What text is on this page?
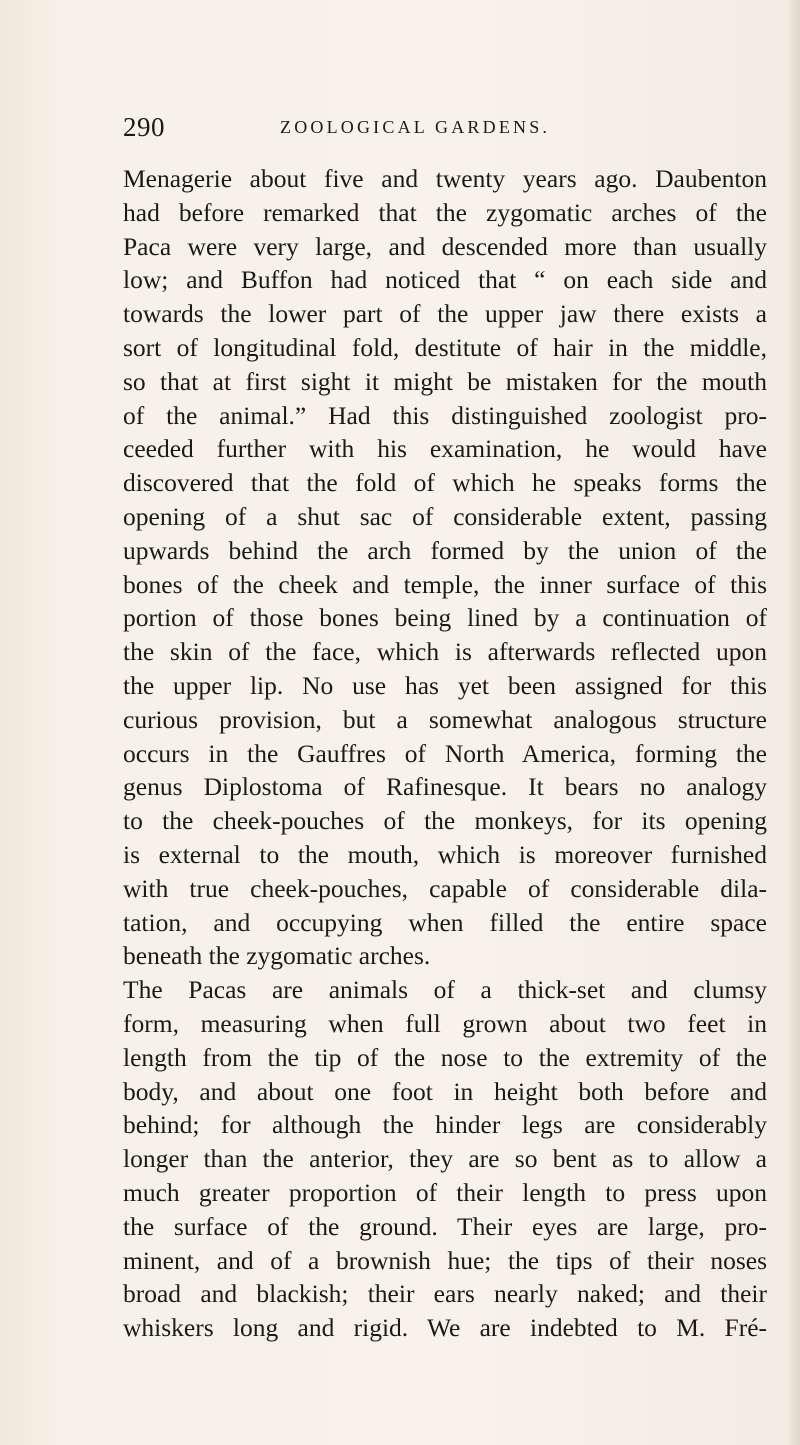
290	ZOOLOGICAL GARDENS.
Menagerie about five and twenty years ago. Daubenton
had before remarked that the zygomatic arches of the
Paca were very large, and descended more than usually
low; and Buffon had noticed that “ on each side and
towards the lower part of the upper jaw there exists a
sort of longitudinal fold, destitute of hair in the middle,
so that at first sight it might be mistaken for the mouth
of the animal.” Had this distinguished zoologist pro-
ceeded further with his examination, he would have
discovered that the fold of which he speaks forms the
opening of a shut sac of considerable extent, passing
upwards behind the arch formed by the union of the
bones of the cheek and temple, the inner surface of this
portion of those bones being lined by a continuation of
the skin of the face, which is afterwards reflected upon
the upper lip. No use has yet been assigned for this
curious provision, but a somewhat analogous structure
occurs in the Gauffres of North America, forming the
genus Diplostoma of Rafinesque. It bears no analogy
to the cheek-pouches of the monkeys, for its opening
is external to the mouth, which is moreover furnished
with true cheek-pouches, capable of considerable dila-
tation, and occupying when filled the entire space
beneath the zygomatic arches.
The Pacas are animals of a thick-set and clumsy
form, measuring when full grown about two feet in
length from the tip of the nose to the extremity of the
body, and about one foot in height both before and
behind; for although the hinder legs are considerably
longer than the anterior, they are so bent as to allow a
much greater proportion of their length to press upon
the surface of the ground. Their eyes are large, pro-
minent, and of a brownish hue; the tips of their noses
broad and blackish; their ears nearly naked; and their
whiskers long and rigid. We are indebted to M. Fré-
